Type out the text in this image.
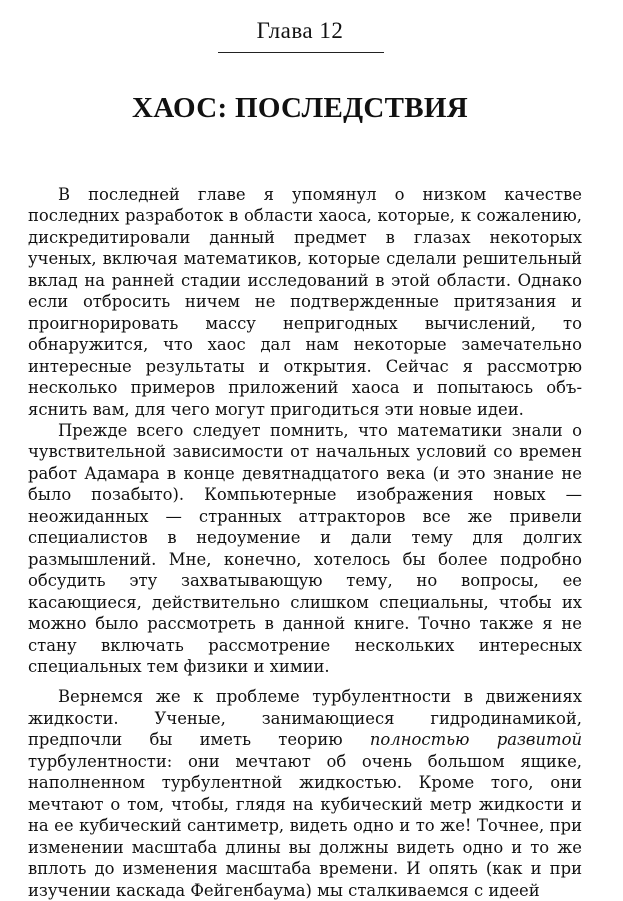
Глава 12
ХАОС: ПОСЛЕДСТВИЯ

В последней главе я упомянул о низком качестве последних разработок в области хаоса, которые, к сожалению, дискредитировали данный предмет в глазах некоторых ученых, включая математиков, которые сделали решительный вклад на ранней стадии исследований в этой области. Однако если отбросить ничем не подтвержденные притязания и проигнорировать массу непригодных вычислений, то обнаружится, что хаос дал нам некоторые замечательно интересные результаты и открытия. Сейчас я рассмотрю несколько примеров приложений хаоса и попытаюсь объяснить вам, для чего могут пригодиться эти новые идеи.

Прежде всего следует помнить, что математики знали о чувствительной зависимости от начальных условий со времен работ Адамара в конце девятнадцатого века (и это знание не было позабыто). Компьютерные изображения новых — неожиданных — странных аттракторов все же привели специалистов в недоумение и дали тему для долгих размышлений. Мне, конечно, хотелось бы более подробно обсудить эту захватывающую тему, но вопросы, ее касающиеся, действительно слишком специальны, чтобы их можно было рассмотреть в данной книге. Точно также я не стану включать рассмотрение нескольких интересных специальных тем физики и химии.

Вернемся же к проблеме турбулентности в движениях жидкости. Ученые, занимающиеся гидродинамикой, предпочли бы иметь теорию полностью развитой турбулентности: они мечтают об очень большом ящике, наполненном турбулентной жидкостью. Кроме того, они мечтают о том, чтобы, глядя на кубический метр жидкости и на ее кубический сантиметр, видеть одно и то же! Точнее, при изменении масштаба длины вы должны видеть одно и то же вплоть до изменения масштаба времени. И опять (как и при изучении каскада Фейгенбаума) мы сталкиваемся с идеей
